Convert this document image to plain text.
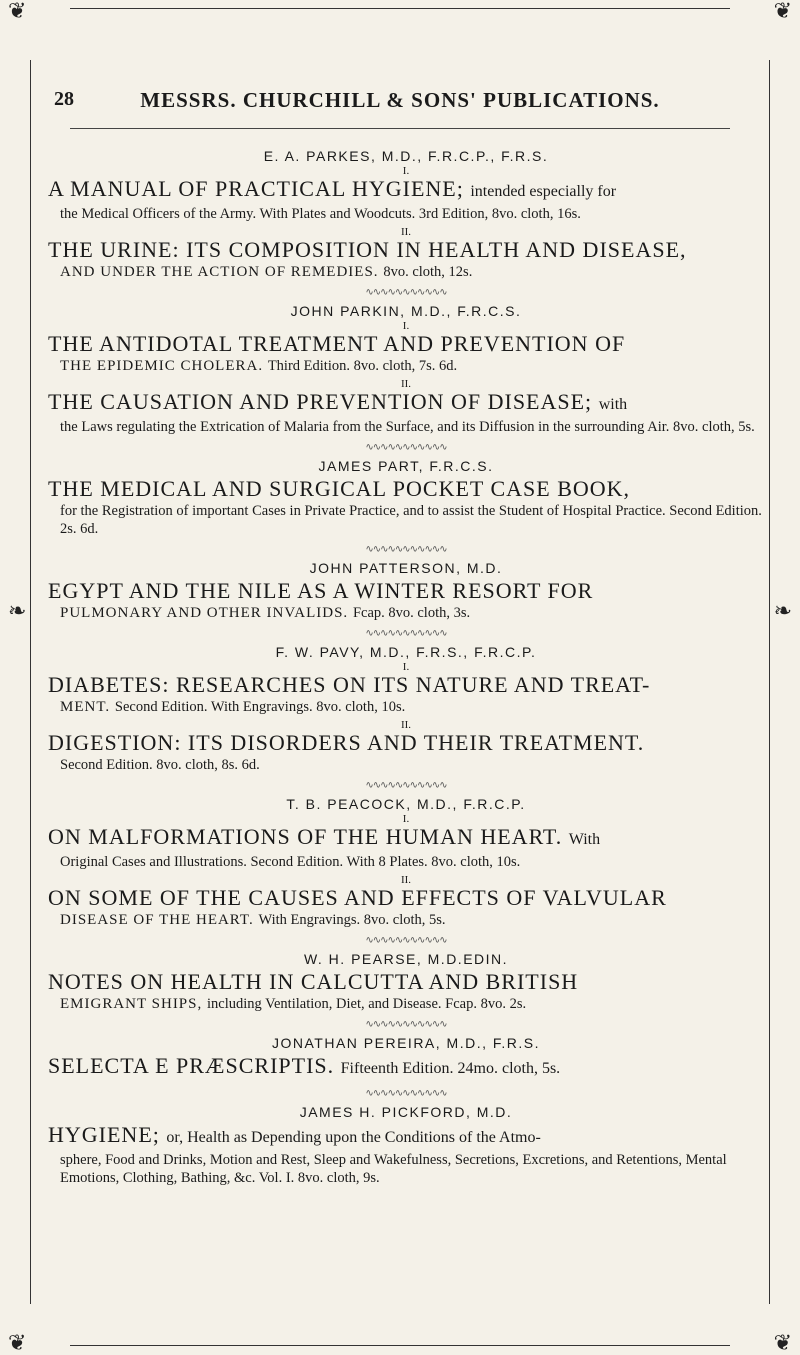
❦	❦
❦	❦
❧	❧
28	MESSRS. CHURCHILL & SONS' PUBLICATIONS.
E. A. PARKES, M.D., F.R.C.P., F.R.S.
I.
A MANUAL OF PRACTICAL HYGIENE; intended especially for
the Medical Officers of the Army. With Plates and Woodcuts. 3rd Edition, 8vo. cloth, 16s.
II.
THE URINE: ITS COMPOSITION IN HEALTH AND DISEASE,
AND UNDER THE ACTION OF REMEDIES. 8vo. cloth, 12s.
∿∿∿∿∿∿∿∿∿∿∿
JOHN PARKIN, M.D., F.R.C.S.
I.
THE ANTIDOTAL TREATMENT AND PREVENTION OF
THE EPIDEMIC CHOLERA. Third Edition. 8vo. cloth, 7s. 6d.
II.
THE CAUSATION AND PREVENTION OF DISEASE; with
the Laws regulating the Extrication of Malaria from the Surface, and its Diffusion in the surrounding Air. 8vo. cloth, 5s.
∿∿∿∿∿∿∿∿∿∿∿
JAMES PART, F.R.C.S.
THE MEDICAL AND SURGICAL POCKET CASE BOOK,
for the Registration of important Cases in Private Practice, and to assist the Student of Hospital Practice. Second Edition. 2s. 6d.
∿∿∿∿∿∿∿∿∿∿∿
JOHN PATTERSON, M.D.
EGYPT AND THE NILE AS A WINTER RESORT FOR
PULMONARY AND OTHER INVALIDS. Fcap. 8vo. cloth, 3s.
∿∿∿∿∿∿∿∿∿∿∿
F. W. PAVY, M.D., F.R.S., F.R.C.P.
I.
DIABETES: RESEARCHES ON ITS NATURE AND TREAT-
MENT. Second Edition. With Engravings. 8vo. cloth, 10s.
II.
DIGESTION: ITS DISORDERS AND THEIR TREATMENT.
Second Edition. 8vo. cloth, 8s. 6d.
∿∿∿∿∿∿∿∿∿∿∿
T. B. PEACOCK, M.D., F.R.C.P.
I.
ON MALFORMATIONS OF THE HUMAN HEART. With
Original Cases and Illustrations. Second Edition. With 8 Plates. 8vo. cloth, 10s.
II.
ON SOME OF THE CAUSES AND EFFECTS OF VALVULAR
DISEASE OF THE HEART. With Engravings. 8vo. cloth, 5s.
∿∿∿∿∿∿∿∿∿∿∿
W. H. PEARSE, M.D.EDIN.
NOTES ON HEALTH IN CALCUTTA AND BRITISH
EMIGRANT SHIPS, including Ventilation, Diet, and Disease. Fcap. 8vo. 2s.
∿∿∿∿∿∿∿∿∿∿∿
JONATHAN PEREIRA, M.D., F.R.S.
SELECTA E PRÆSCRIPTIS. Fifteenth Edition. 24mo. cloth, 5s.
∿∿∿∿∿∿∿∿∿∿∿
JAMES H. PICKFORD, M.D.
HYGIENE; or, Health as Depending upon the Conditions of the Atmo-
sphere, Food and Drinks, Motion and Rest, Sleep and Wakefulness, Secretions, Excretions, and Retentions, Mental Emotions, Clothing, Bathing, &c. Vol. I. 8vo. cloth, 9s.
